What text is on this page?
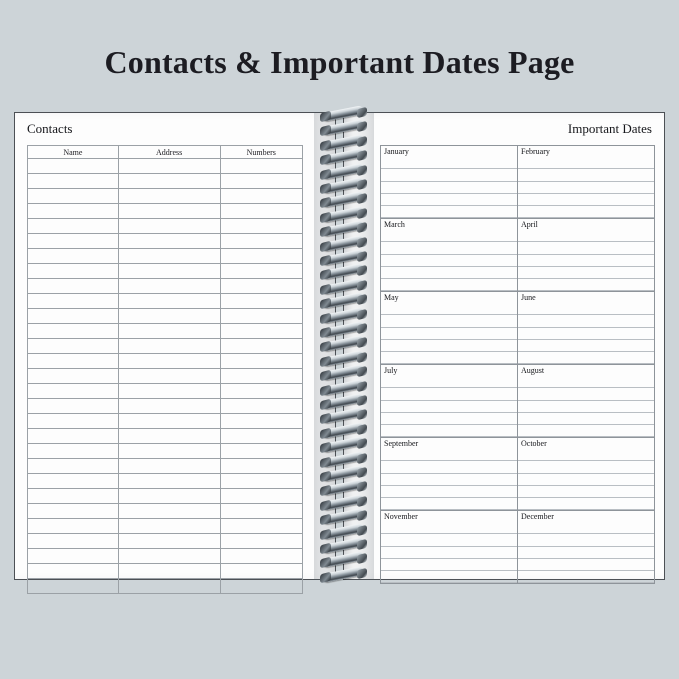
Contacts & Important Dates Page
Contacts
Name	Address	Numbers

Important Dates
January	February
March	April
May	June
July	August
September	October
November	December
